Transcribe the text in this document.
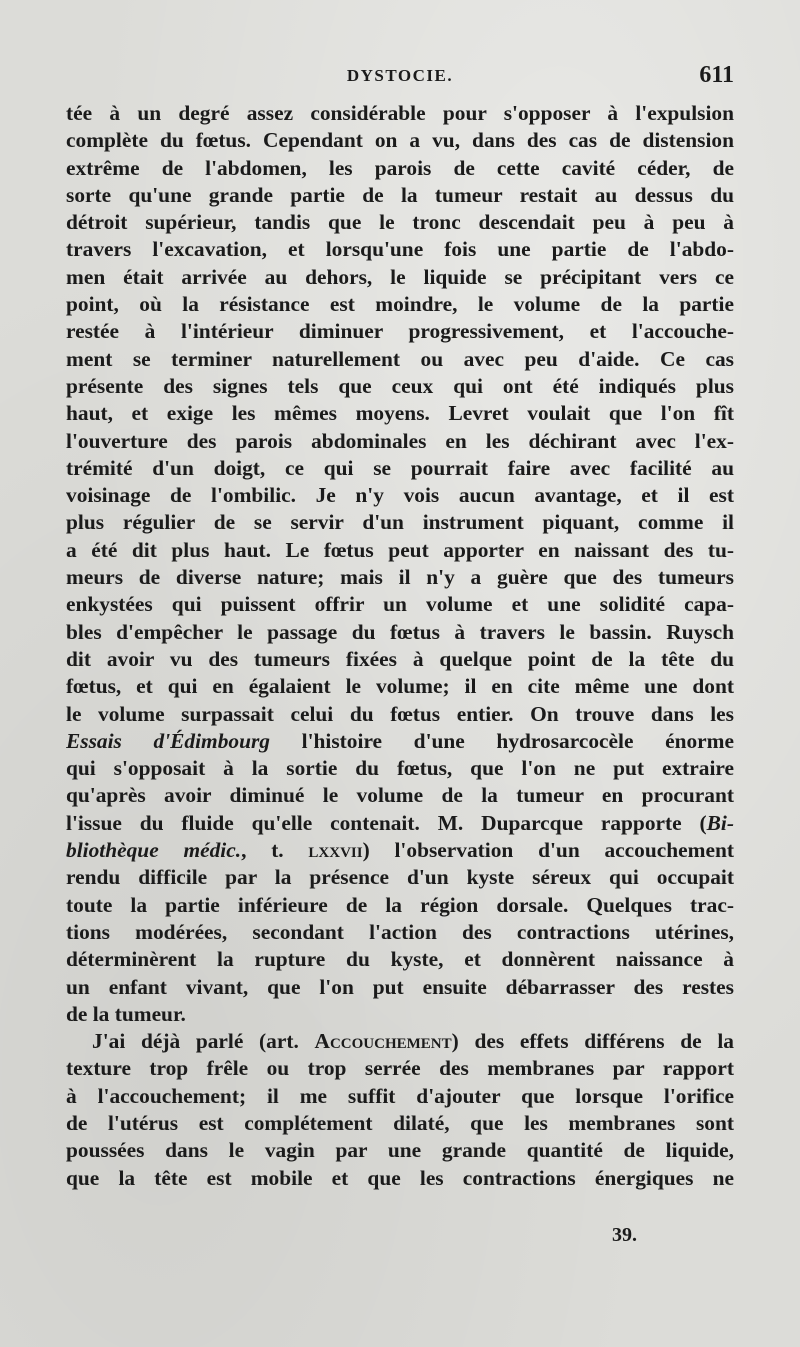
DYSTOCIE.	611
tée à un degré assez considérable pour s'opposer à l'expulsion
complète du fœtus. Cependant on a vu, dans des cas de distension
extrême de l'abdomen, les parois de cette cavité céder, de
sorte qu'une grande partie de la tumeur restait au dessus du
détroit supérieur, tandis que le tronc descendait peu à peu à
travers l'excavation, et lorsqu'une fois une partie de l'abdo-
men était arrivée au dehors, le liquide se précipitant vers ce
point, où la résistance est moindre, le volume de la partie
restée à l'intérieur diminuer progressivement, et l'accouche-
ment se terminer naturellement ou avec peu d'aide. Ce cas
présente des signes tels que ceux qui ont été indiqués plus
haut, et exige les mêmes moyens. Levret voulait que l'on fît
l'ouverture des parois abdominales en les déchirant avec l'ex-
trémité d'un doigt, ce qui se pourrait faire avec facilité au
voisinage de l'ombilic. Je n'y vois aucun avantage, et il est
plus régulier de se servir d'un instrument piquant, comme il
a été dit plus haut. Le fœtus peut apporter en naissant des tu-
meurs de diverse nature; mais il n'y a guère que des tumeurs
enkystées qui puissent offrir un volume et une solidité capa-
bles d'empêcher le passage du fœtus à travers le bassin. Ruysch
dit avoir vu des tumeurs fixées à quelque point de la tête du
fœtus, et qui en égalaient le volume; il en cite même une dont
le volume surpassait celui du fœtus entier. On trouve dans les
Essais d'Édimbourg l'histoire d'une hydrosarcocèle énorme
qui s'opposait à la sortie du fœtus, que l'on ne put extraire
qu'après avoir diminué le volume de la tumeur en procurant
l'issue du fluide qu'elle contenait. M. Duparcque rapporte (Bi-
bliothèque médic., t. lxxvii) l'observation d'un accouchement
rendu difficile par la présence d'un kyste séreux qui occupait
toute la partie inférieure de la région dorsale. Quelques trac-
tions modérées, secondant l'action des contractions utérines,
déterminèrent la rupture du kyste, et donnèrent naissance à
un enfant vivant, que l'on put ensuite débarrasser des restes
de la tumeur.
J'ai déjà parlé (art. Accouchement) des effets différens de la
texture trop frêle ou trop serrée des membranes par rapport
à l'accouchement; il me suffit d'ajouter que lorsque l'orifice
de l'utérus est complétement dilaté, que les membranes sont
poussées dans le vagin par une grande quantité de liquide,
que la tête est mobile et que les contractions énergiques ne
39.
